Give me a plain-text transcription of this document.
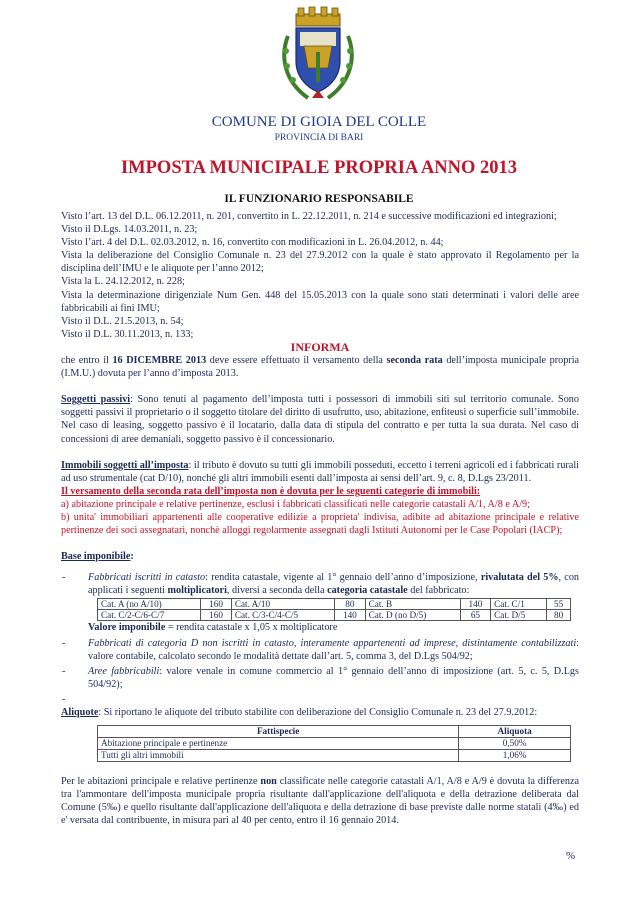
COMUNE DI GIOIA DEL COLLE
PROVINCIA DI BARI
IMPOSTA MUNICIPALE PROPRIA ANNO 2013
IL FUNZIONARIO RESPONSABILE

Visto l’art. 13 del D.L. 06.12.2011, n. 201, convertito in L. 22.12.2011, n. 214 e successive modificazioni ed integrazioni;

Visto il D.Lgs. 14.03.2011, n. 23;

Visto l’art. 4 del D.L. 02.03.2012, n. 16, convertito con modificazioni in L. 26.04.2012, n. 44;

Vista la deliberazione del Consiglio Comunale n. 23 del 27.9.2012 con la quale è stato approvato il Regolamento per la disciplina dell’IMU e le aliquote per l’anno 2012;

Vista la L. 24.12.2012, n. 228;

Vista la determinazione dirigenziale Num Gen. 448 del 15.05.2013 con la quale sono stati determinati i valori delle aree fabbricabili ai fini IMU;

Visto il D.L. 21.5.2013, n. 54;

Visto il D.L. 30.11.2013, n. 133;

INFORMA

che entro il 16 DICEMBRE 2013 deve essere effettuato il versamento della seconda rata dell’imposta municipale propria (I.M.U.) dovuta per l’anno d’imposta 2013.

Soggetti passivi: Sono tenuti al pagamento dell’imposta tutti i possessori di immobili siti sul territorio comunale. Sono soggetti passivi il proprietario o il soggetto titolare del diritto di usufrutto, uso, abitazione, enfiteusi o superficie sull’immobile. Nel caso di leasing, soggetto passivo è il locatario, dalla data di stipula del contratto e per tutta la sua durata. Nel caso di concessioni di aree demaniali, soggetto passivo è il concessionario.

Immobili soggetti all’imposta: il tributo è dovuto su tutti gli immobili posseduti, eccetto i terreni agricoli ed i fabbricati rurali ad uso strumentale (cat D/10), nonché gli altri immobili esenti dall’imposta ai sensi dell’art. 9, c. 8, D.Lgs 23/2011.

Il versamento della seconda rata dell’imposta non è dovuta per le seguenti categorie di immobili:

a) abitazione principale e relative pertinenze, esclusi i fabbricati classificati nelle categorie catastali A/1, A/8 e A/9;

b) unita' immobiliari appartenenti alle cooperative edilizie a proprieta' indivisa, adibite ad abitazione principale e relative pertinenze dei soci assegnatari, nonchè alloggi regolarmente assegnati dagli Istituti Autonomi per le Case Popolari (IACP);

Base imponibile:

-	Fabbricati iscritti in catasto: rendita catastale, vigente al 1° gennaio dell’anno d’imposizione, rivalutata del 5%, con applicati i seguenti moltiplicatori, diversi a seconda della categoria catastale del fabbricato:
Cat. A (no A/10)	160	Cat. A/10	80	Cat. B	140	Cat. C/1	55
Cat. C/2-C/6-C/7	160	Cat. C/3-C/4-C/5	140	Cat. D (no D/5)	65	Cat. D/5	80

Valore imponibile = rendita catastale x 1,05 x moltiplicatore

-	Fabbricati di categoria D non iscritti in catasto, interamente appartenenti ad imprese, distintamente contabilizzati: valore contabile, calcolato secondo le modalità dettate dall’art. 5, comma 3, del D.Lgs 504/92;
-	Aree fabbricabili: valore venale in comune commercio al 1° gennaio dell’anno di imposizione (art. 5, c. 5, D.Lgs 504/92);
-

Aliquote: Si riportano le aliquote del tributo stabilite con deliberazione del Consiglio Comunale n. 23 del 27.9.2012:

Fattispecie	Aliquota
Abitazione principale e pertinenze	0,50%
Tutti gli altri immobili	1,06%

Per le abitazioni principale e relative pertinenze non classificate nelle categorie catastali A/1, A/8 e A/9 è dovuta la differenza tra l'ammontare dell'imposta municipale propria risultante dall'applicazione dell'aliquota e della detrazione deliberata dal Comune (5‰) e quello risultante dall'applicazione dell'aliquota e della detrazione di base previste dalle norme statali (4‰) ed e' versata dal contribuente, in misura pari al 40 per cento, entro il 16 gennaio 2014.

%
